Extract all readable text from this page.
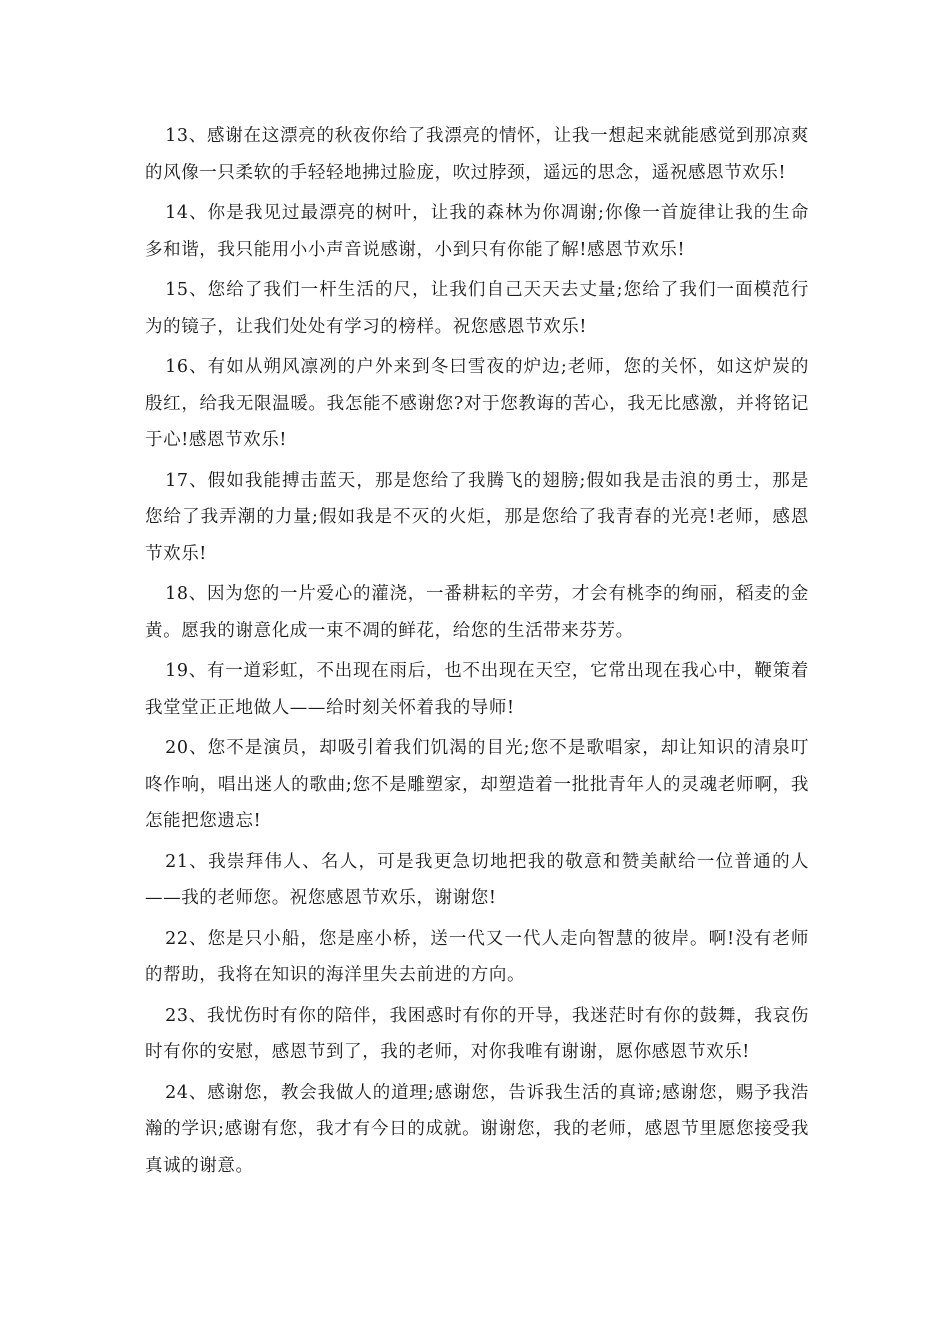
13、感谢在这漂亮的秋夜你给了我漂亮的情怀，让我一想起来就能感觉到那凉爽的风像一只柔软的手轻轻地拂过脸庞，吹过脖颈，遥远的思念，遥祝感恩节欢乐!

14、你是我见过最漂亮的树叶，让我的森林为你凋谢;你像一首旋律让我的生命多和谐，我只能用小小声音说感谢，小到只有你能了解!感恩节欢乐!

15、您给了我们一杆生活的尺，让我们自己天天去丈量;您给了我们一面模范行为的镜子，让我们处处有学习的榜样。祝您感恩节欢乐!

16、有如从朔风凛冽的户外来到冬曰雪夜的炉边;老师，您的关怀，如这炉炭的殷红，给我无限温暖。我怎能不感谢您?对于您教诲的苦心，我无比感激，并将铭记于心!感恩节欢乐!

17、假如我能搏击蓝天，那是您给了我腾飞的翅膀;假如我是击浪的勇士，那是您给了我弄潮的力量;假如我是不灭的火炬，那是您给了我青春的光亮!老师，感恩节欢乐!

18、因为您的一片爱心的灌浇，一番耕耘的辛劳，才会有桃李的绚丽，稻麦的金黄。愿我的谢意化成一束不凋的鲜花，给您的生活带来芬芳。

19、有一道彩虹，不出现在雨后，也不出现在天空，它常出现在我心中，鞭策着我堂堂正正地做人——给时刻关怀着我的导师!

20、您不是演员，却吸引着我们饥渴的目光;您不是歌唱家，却让知识的清泉叮咚作响，唱出迷人的歌曲;您不是雕塑家，却塑造着一批批青年人的灵魂老师啊，我怎能把您遗忘!

21、我崇拜伟人、名人，可是我更急切地把我的敬意和赞美献给一位普通的人——我的老师您。祝您感恩节欢乐，谢谢您!

22、您是只小船，您是座小桥，送一代又一代人走向智慧的彼岸。啊!没有老师的帮助，我将在知识的海洋里失去前进的方向。

23、我忧伤时有你的陪伴，我困惑时有你的开导，我迷茫时有你的鼓舞，我哀伤时有你的安慰，感恩节到了，我的老师，对你我唯有谢谢，愿你感恩节欢乐!

24、感谢您，教会我做人的道理;感谢您，告诉我生活的真谛;感谢您，赐予我浩瀚的学识;感谢有您，我才有今日的成就。谢谢您，我的老师，感恩节里愿您接受我真诚的谢意。
